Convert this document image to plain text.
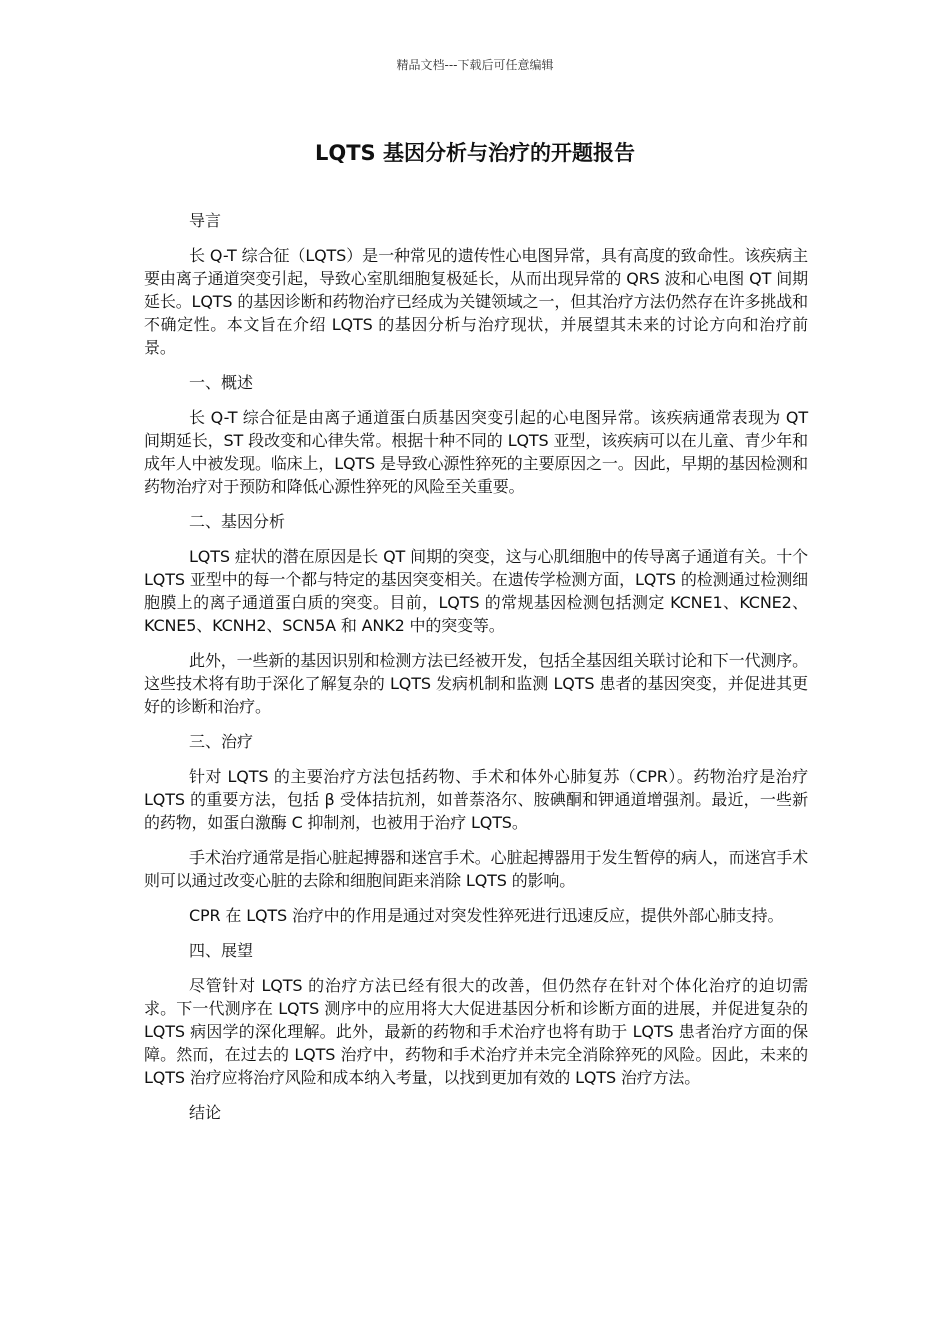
精品文档---下载后可任意编辑
LQTS 基因分析与治疗的开题报告

导言

长 Q-T 综合征（LQTS）是一种常见的遗传性心电图异常，具有高度的致命性。该疾病主要由离子通道突变引起，导致心室肌细胞复极延长，从而出现异常的 QRS 波和心电图 QT 间期延长。LQTS 的基因诊断和药物治疗已经成为关键领域之一，但其治疗方法仍然存在许多挑战和不确定性。本文旨在介绍 LQTS 的基因分析与治疗现状，并展望其未来的讨论方向和治疗前景。

一、概述

长 Q-T 综合征是由离子通道蛋白质基因突变引起的心电图异常。该疾病通常表现为 QT 间期延长，ST 段改变和心律失常。根据十种不同的 LQTS 亚型，该疾病可以在儿童、青少年和成年人中被发现。临床上，LQTS 是导致心源性猝死的主要原因之一。因此，早期的基因检测和药物治疗对于预防和降低心源性猝死的风险至关重要。

二、基因分析

LQTS 症状的潜在原因是长 QT 间期的突变，这与心肌细胞中的传导离子通道有关。十个 LQTS 亚型中的每一个都与特定的基因突变相关。在遗传学检测方面，LQTS 的检测通过检测细胞膜上的离子通道蛋白质的突变。目前，LQTS 的常规基因检测包括测定 KCNE1、KCNE2、KCNE5、KCNH2、SCN5A 和 ANK2 中的突变等。

此外，一些新的基因识别和检测方法已经被开发，包括全基因组关联讨论和下一代测序。这些技术将有助于深化了解复杂的 LQTS 发病机制和监测 LQTS 患者的基因突变，并促进其更好的诊断和治疗。

三、治疗

针对 LQTS 的主要治疗方法包括药物、手术和体外心肺复苏（CPR）。药物治疗是治疗 LQTS 的重要方法，包括 β 受体拮抗剂，如普萘洛尔、胺碘酮和钾通道增强剂。最近，一些新的药物，如蛋白激酶 C 抑制剂，也被用于治疗 LQTS。

手术治疗通常是指心脏起搏器和迷宫手术。心脏起搏器用于发生暂停的病人，而迷宫手术则可以通过改变心脏的去除和细胞间距来消除 LQTS 的影响。

CPR 在 LQTS 治疗中的作用是通过对突发性猝死进行迅速反应，提供外部心肺支持。

四、展望

尽管针对 LQTS 的治疗方法已经有很大的改善，但仍然存在针对个体化治疗的迫切需求。下一代测序在 LQTS 测序中的应用将大大促进基因分析和诊断方面的进展，并促进复杂的 LQTS 病因学的深化理解。此外，最新的药物和手术治疗也将有助于 LQTS 患者治疗方面的保障。然而，在过去的 LQTS 治疗中，药物和手术治疗并未完全消除猝死的风险。因此，未来的 LQTS 治疗应将治疗风险和成本纳入考量，以找到更加有效的 LQTS 治疗方法。

结论
